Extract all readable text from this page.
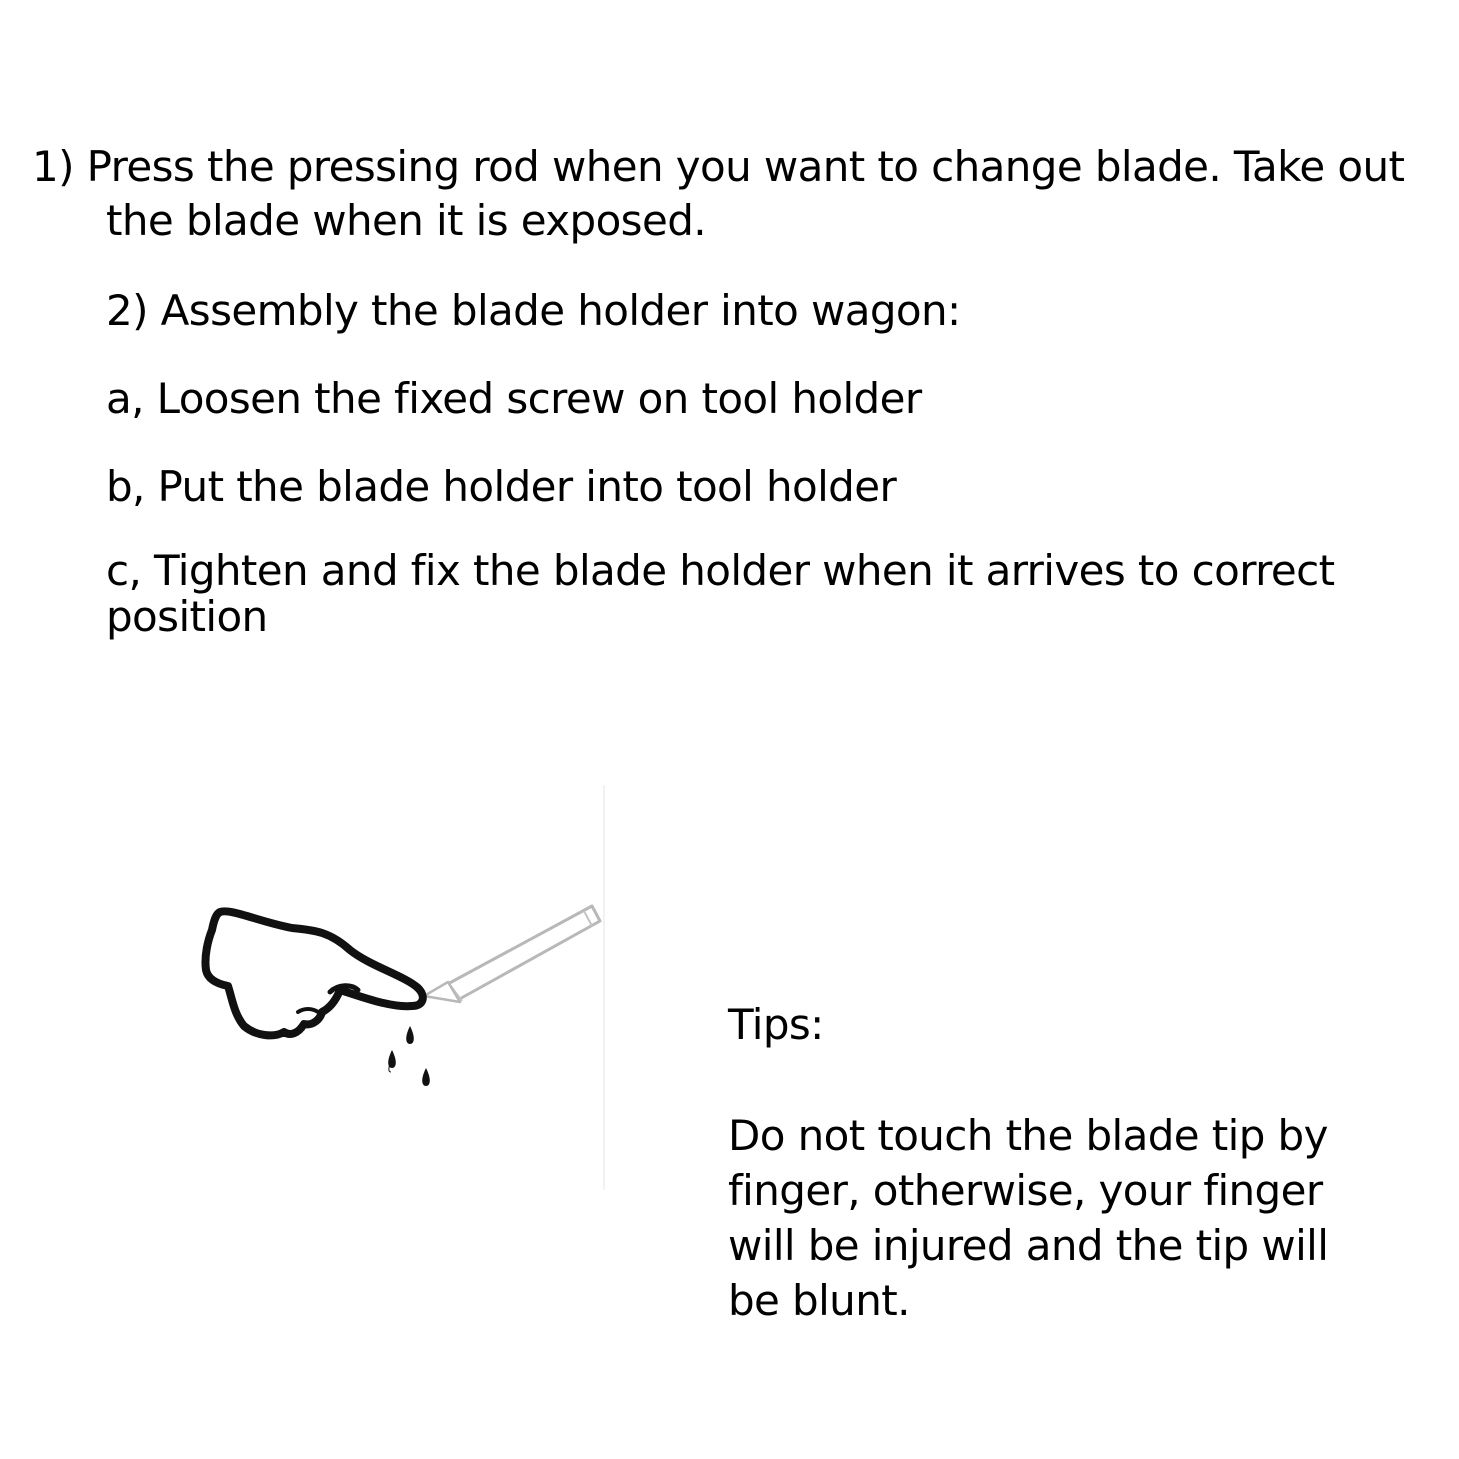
1) Press the pressing rod when you want to change blade. Take out
the blade when it is exposed.

2) Assembly the blade holder into wagon:

a, Loosen the fixed screw on tool holder

b, Put the blade holder into tool holder

c, Tighten and fix the blade holder when it arrives to correct position

Tips:

Do not touch the blade tip by finger, otherwise, your finger will be injured and the tip will be blunt.
